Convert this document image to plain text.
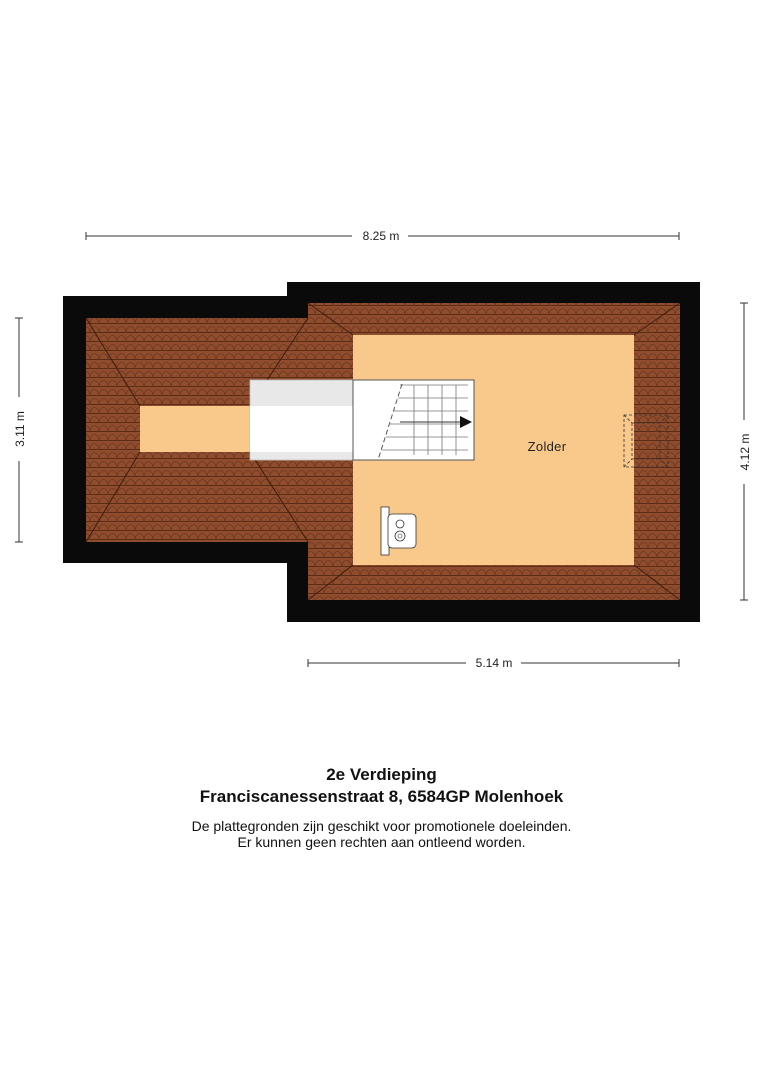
Zolder
8.25 m
3.11 m
4.12 m
5.14 m
2e Verdieping
Franciscanessenstraat 8, 6584GP Molenhoek
De plattegronden zijn geschikt voor promotionele doeleinden.
Er kunnen geen rechten aan ontleend worden.
